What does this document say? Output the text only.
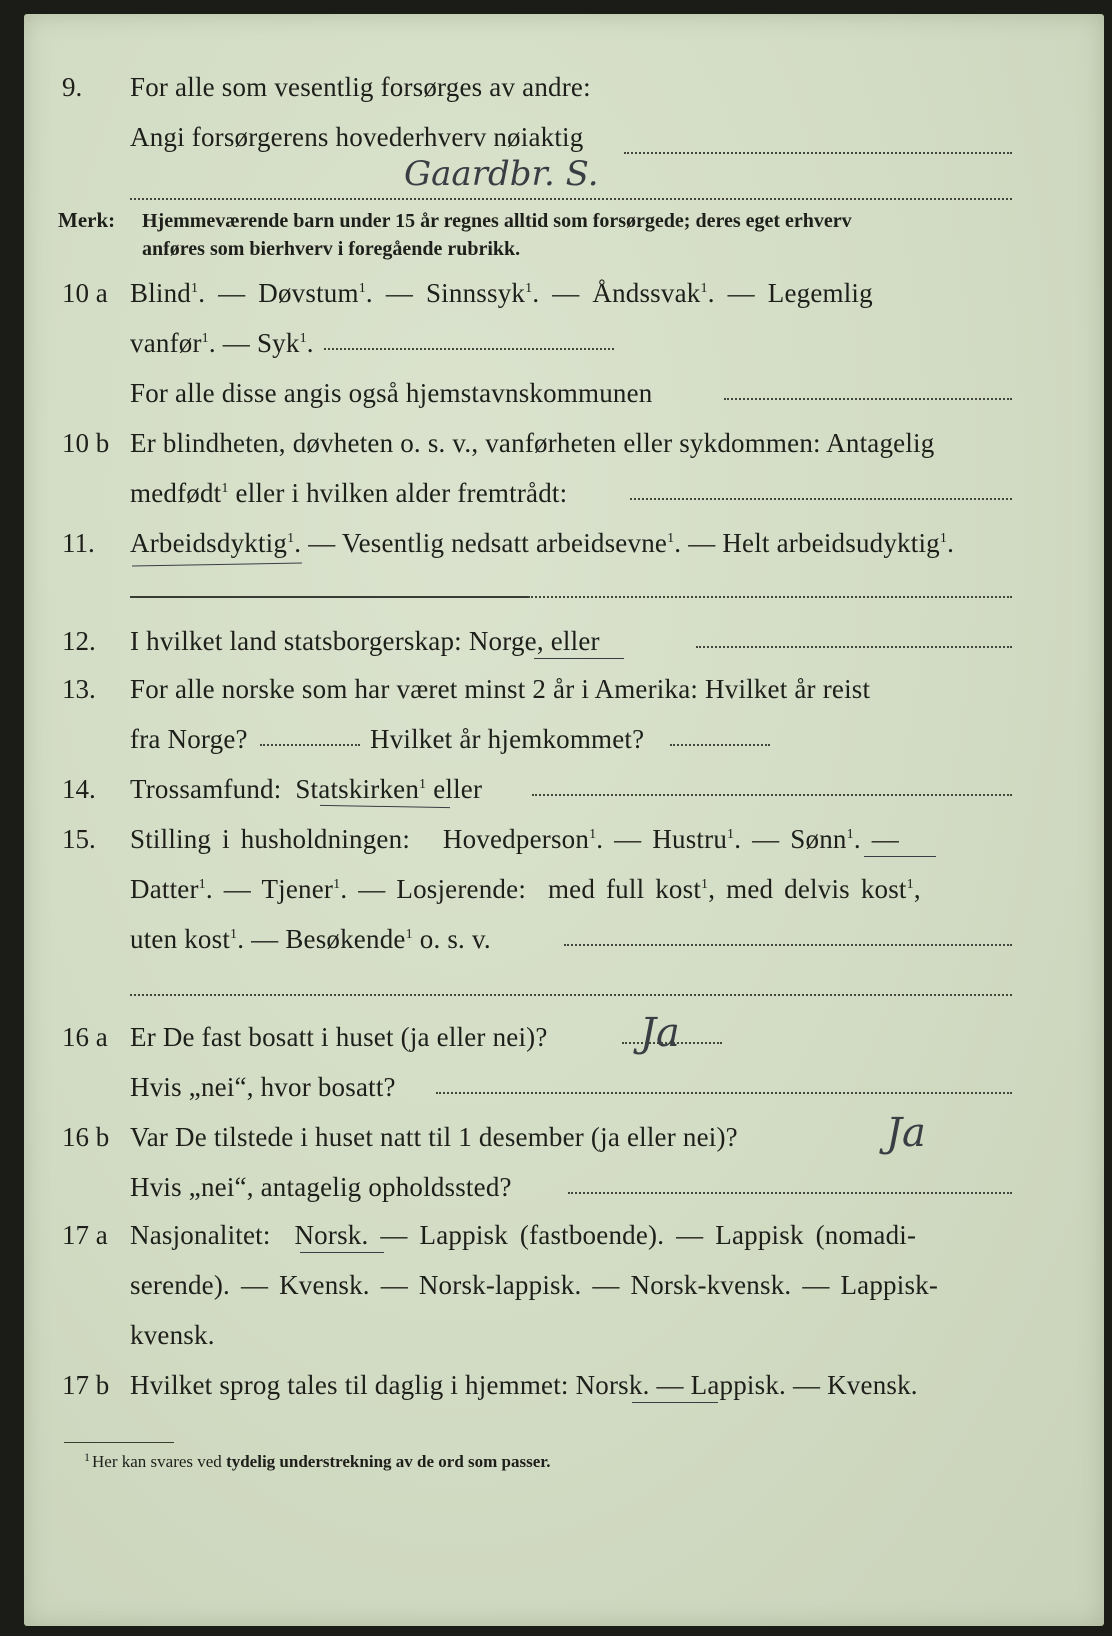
9. For alle som vesentlig forsørges av andre:
Angi forsørgerens hovederhverv nøiaktig
Gaardbr. S.
Merk: Hjemmeværende barn under 15 år regnes alltid som forsørgede; deres eget erhverv
anføres som bierhverv i foregående rubrikk.
10 a Blind$^1$. — Døvstum$^1$. — Sinnssyk$^1$. — Åndssvak$^1$. — Legemlig
vanfør$^1$. — Syk$^1$.
For alle disse angis også hjemstavnskommunen
10 b Er blindheten, døvheten o. s. v., vanførheten eller sykdommen: Antagelig
medfødt$^1$ eller i hvilken alder fremtrådt:
11. Arbeidsdyktig$^1$. — Vesentlig nedsatt arbeidsevne$^1$. — Helt arbeidsudyktig$^1$.
12. I hvilket land statsborgerskap: Norge, eller
13. For alle norske som har været minst 2 år i Amerika: Hvilket år reist
fra Norge?	Hvilket år hjemkommet?
14. Trossamfund: Statskirken$^1$ eller
15. Stilling i husholdningen: Hovedperson$^1$. — Hustru$^1$. — Sønn$^1$. —
Datter$^1$. — Tjener$^1$. — Losjerende: med full kost$^1$, med delvis kost$^1$,
uten kost$^1$. — Besøkende$^1$ o. s. v.
16 a Er De fast bosatt i huset (ja eller nei)? Ja
Hvis „nei“, hvor bosatt?
16 b Var De tilstede i huset natt til 1 desember (ja eller nei)?	Ja
Hvis „nei“, antagelig opholdssted?
17 a Nasjonalitet: Norsk. — Lappisk (fastboende). — Lappisk (nomadi-
serende). — Kvensk. — Norsk-lappisk. — Norsk-kvensk. — Lappisk-
kvensk.
17 b Hvilket sprog tales til daglig i hjemmet: Norsk. — Lappisk. — Kvensk.
1 Her kan svares ved tydelig understrekning av de ord som passer.
